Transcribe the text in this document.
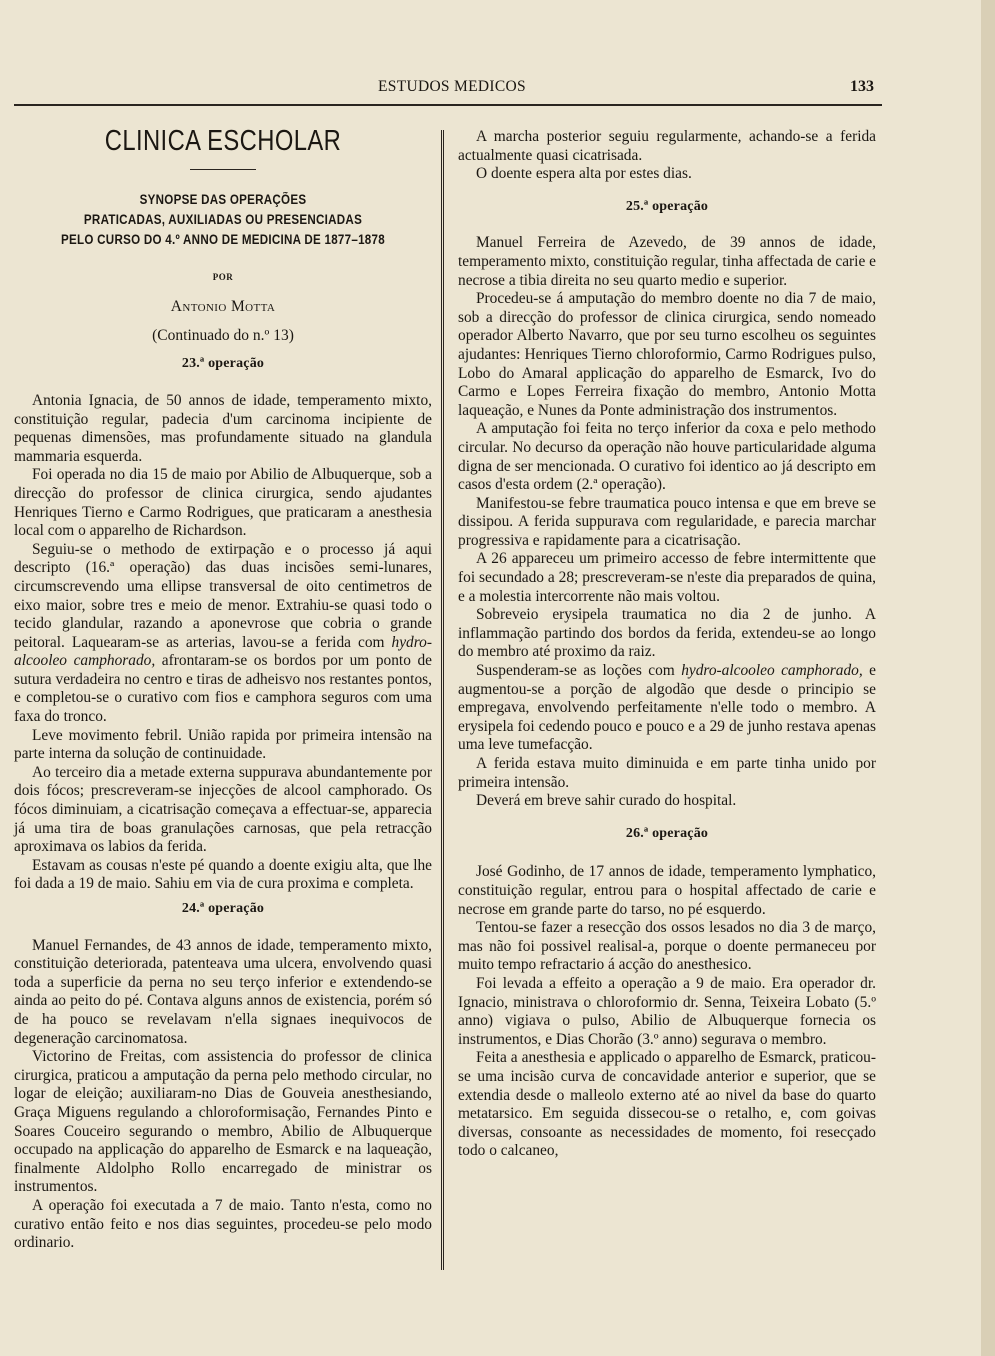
ESTUDOS MEDICOS	133
CLINICA ESCHOLAR
SYNOPSE DAS OPERAÇÕES
PRATICADAS, AUXILIADAS OU PRESENCIADAS
PELO CURSO DO 4.º ANNO DE MEDICINA DE 1877–1878
POR
Antonio Motta
(Continuado do n.º 13)
23.ª operação

Antonia Ignacia, de 50 annos de idade, temperamento mixto, constituição regular, padecia d'um carcinoma incipiente de pequenas dimensões, mas profundamente situado na glandula mammaria esquerda.

Foi operada no dia 15 de maio por Abilio de Albuquerque, sob a direcção do professor de clinica cirurgica, sendo ajudantes Henriques Tierno e Carmo Rodrigues, que praticaram a anesthesia local com o apparelho de Richardson.

Seguiu-se o methodo de extirpação e o processo já aqui descripto (16.ª operação) das duas incisões semi-lunares, circumscrevendo uma ellipse transversal de oito centimetros de eixo maior, sobre tres e meio de menor. Extrahiu-se quasi todo o tecido glandular, razando a aponevrose que cobria o grande peitoral. Laquearam-se as arterias, lavou-se a ferida com hydro-alcooleo camphorado, afrontaram-se os bordos por um ponto de sutura verdadeira no centro e tiras de adheisvo nos restantes pontos, e completou-se o curativo com fios e camphora seguros com uma faxa do tronco.

Leve movimento febril. União rapida por primeira intensão na parte interna da solução de continuidade.

Ao terceiro dia a metade externa suppurava abundantemente por dois fócos; prescreveram-se injecções de alcool camphorado. Os fócos diminuiam, a cicatrisação começava a effectuar-se, apparecia já uma tira de boas granulações carnosas, que pela retracção aproximava os labios da ferida.

Estavam as cousas n'este pé quando a doente exigiu alta, que lhe foi dada a 19 de maio. Sahiu em via de cura proxima e completa.

24.ª operação

Manuel Fernandes, de 43 annos de idade, temperamento mixto, constituição deteriorada, patenteava uma ulcera, envolvendo quasi toda a superficie da perna no seu terço inferior e extendendo-se ainda ao peito do pé. Contava alguns annos de existencia, porém só de ha pouco se revelavam n'ella signaes inequivocos de degeneração carcinomatosa.

Victorino de Freitas, com assistencia do professor de clinica cirurgica, praticou a amputação da perna pelo methodo circular, no logar de eleição; auxiliaram-no Dias de Gouveia anesthesiando, Graça Miguens regulando a chloroformisação, Fernandes Pinto e Soares Couceiro segurando o membro, Abilio de Albuquerque occupado na applicação do apparelho de Esmarck e na laqueação, finalmente Aldolpho Rollo encarregado de ministrar os instrumentos.

A operação foi executada a 7 de maio. Tanto n'esta, como no curativo então feito e nos dias seguintes, procedeu-se pelo modo ordinario.

A marcha posterior seguiu regularmente, achando-se a ferida actualmente quasi cicatrisada.

O doente espera alta por estes dias.

25.ª operação

Manuel Ferreira de Azevedo, de 39 annos de idade, temperamento mixto, constituição regular, tinha affectada de carie e necrose a tibia direita no seu quarto medio e superior.

Procedeu-se á amputação do membro doente no dia 7 de maio, sob a direcção do professor de clinica cirurgica, sendo nomeado operador Alberto Navarro, que por seu turno escolheu os seguintes ajudantes: Henriques Tierno chloroformio, Carmo Rodrigues pulso, Lobo do Amaral applicação do apparelho de Esmarck, Ivo do Carmo e Lopes Ferreira fixação do membro, Antonio Motta laqueação, e Nunes da Ponte administração dos instrumentos.

A amputação foi feita no terço inferior da coxa e pelo methodo circular. No decurso da operação não houve particularidade alguma digna de ser mencionada. O curativo foi identico ao já descripto em casos d'esta ordem (2.ª operação).

Manifestou-se febre traumatica pouco intensa e que em breve se dissipou. A ferida suppurava com regularidade, e parecia marchar progressiva e rapidamente para a cicatrisação.

A 26 appareceu um primeiro accesso de febre intermittente que foi secundado a 28; prescreveram-se n'este dia preparados de quina, e a molestia intercorrente não mais voltou.

Sobreveio erysipela traumatica no dia 2 de junho. A inflammação partindo dos bordos da ferida, extendeu-se ao longo do membro até proximo da raiz.

Suspenderam-se as loções com hydro-alcooleo camphorado, e augmentou-se a porção de algodão que desde o principio se empregava, envolvendo perfeitamente n'elle todo o membro. A erysipela foi cedendo pouco e pouco e a 29 de junho restava apenas uma leve tumefacção.

A ferida estava muito diminuida e em parte tinha unido por primeira intensão.

Deverá em breve sahir curado do hospital.

26.ª operação

José Godinho, de 17 annos de idade, temperamento lymphatico, constituição regular, entrou para o hospital affectado de carie e necrose em grande parte do tarso, no pé esquerdo.

Tentou-se fazer a resecção dos ossos lesados no dia 3 de março, mas não foi possivel realisal-a, porque o doente permaneceu por muito tempo refractario á acção do anesthesico.

Foi levada a effeito a operação a 9 de maio. Era operador dr. Ignacio, ministrava o chloroformio dr. Senna, Teixeira Lobato (5.º anno) vigiava o pulso, Abilio de Albuquerque fornecia os instrumentos, e Dias Chorão (3.º anno) segurava o membro.

Feita a anesthesia e applicado o apparelho de Esmarck, praticou-se uma incisão curva de concavidade anterior e superior, que se extendia desde o malleolo externo até ao nivel da base do quarto metatarsico. Em seguida dissecou-se o retalho, e, com goivas diversas, consoante as necessidades de momento, foi resecçado todo o calcaneo,
